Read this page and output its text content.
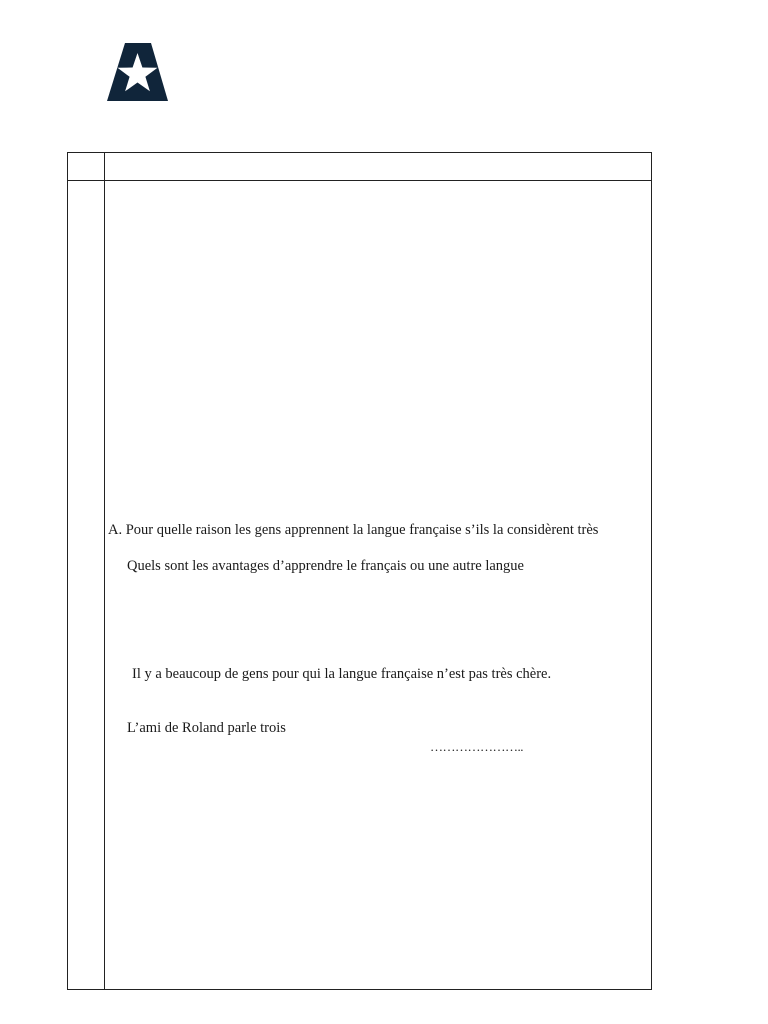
A. Pour quelle raison les gens apprennent la langue française s’ils la considèrent très
Quels sont les avantages d’apprendre le français ou une autre langue
Il y a beaucoup de gens pour qui la langue française n’est pas très chère.
L’ami de Roland parle trois
…………………..
